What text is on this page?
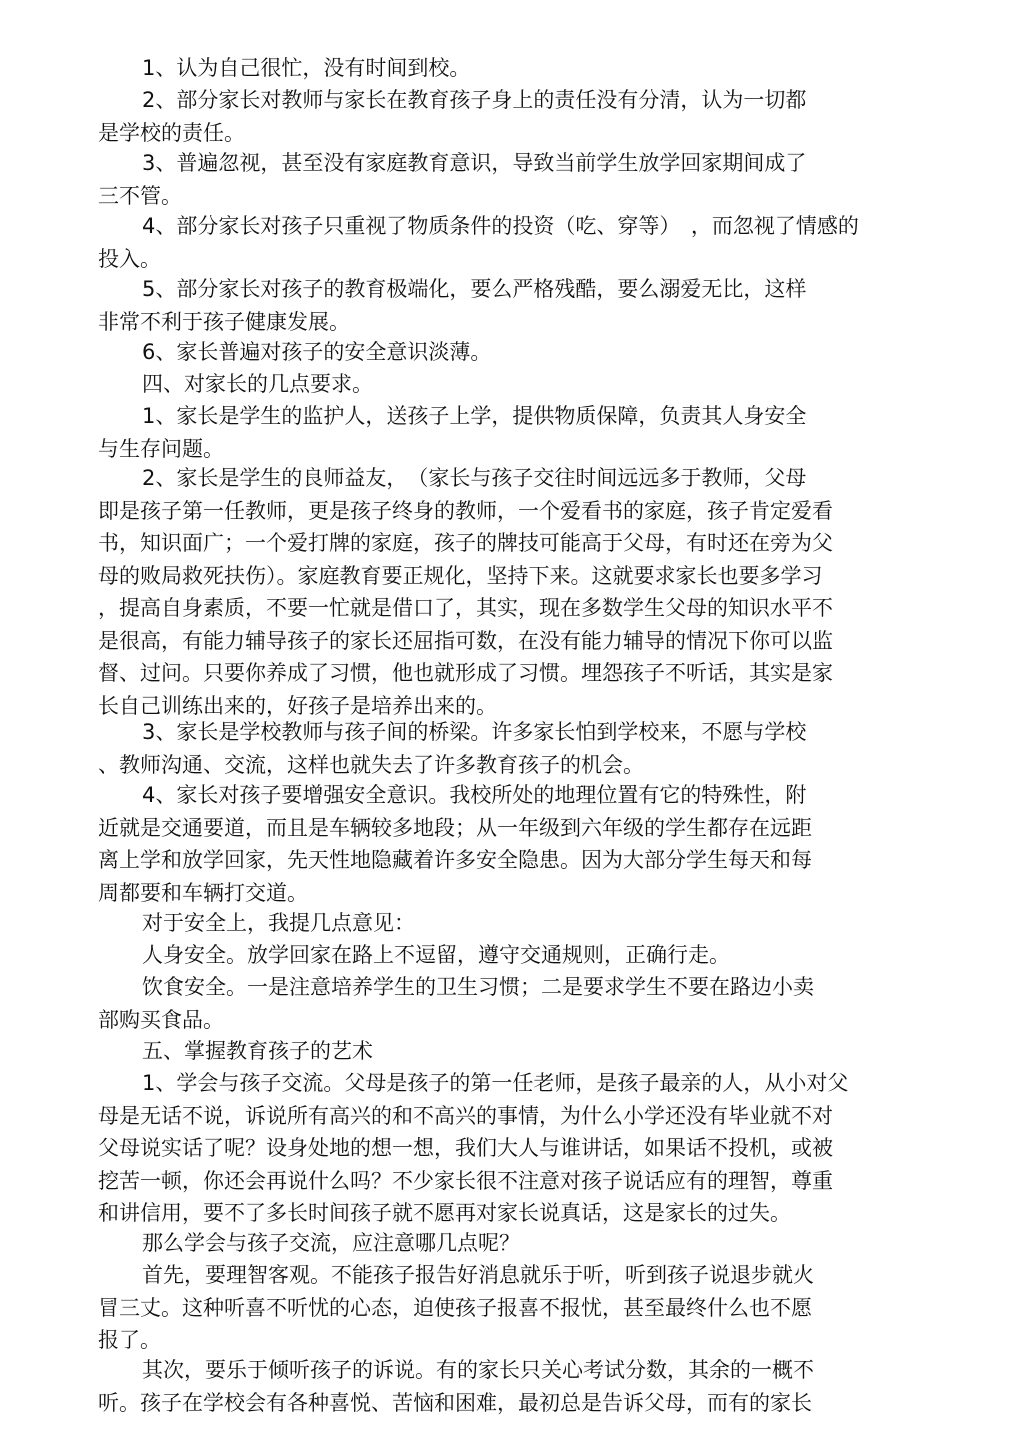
1、认为自己很忙，没有时间到校。
2、部分家长对教师与家长在教育孩子身上的责任没有分清，认为一切都
是学校的责任。
3、普遍忽视，甚至没有家庭教育意识，导致当前学生放学回家期间成了
三不管。
4、部分家长对孩子只重视了物质条件的投资（吃、穿等）　，而忽视了情感的
投入。
5、部分家长对孩子的教育极端化，要么严格残酷，要么溺爱无比，这样
非常不利于孩子健康发展。
6、家长普遍对孩子的安全意识淡薄。
四、对家长的几点要求。
1、家长是学生的监护人，送孩子上学，提供物质保障，负责其人身安全
与生存问题。
2、家长是学生的良师益友，　（家长与孩子交往时间远远多于教师，父母
即是孩子第一任教师，更是孩子终身的教师，一个爱看书的家庭，孩子肯定爱看
书，知识面广；一个爱打牌的家庭，孩子的牌技可能高于父母，有时还在旁为父
母的败局救死扶伤）。家庭教育要正规化，坚持下来。这就要求家长也要多学习
，提高自身素质，不要一忙就是借口了，其实，现在多数学生父母的知识水平不
是很高，有能力辅导孩子的家长还屈指可数，在没有能力辅导的情况下你可以监
督、过问。只要你养成了习惯，他也就形成了习惯。埋怨孩子不听话，其实是家
长自己训练出来的，好孩子是培养出来的。
3、家长是学校教师与孩子间的桥梁。许多家长怕到学校来，不愿与学校
、教师沟通、交流，这样也就失去了许多教育孩子的机会。
4、家长对孩子要增强安全意识。我校所处的地理位置有它的特殊性，附
近就是交通要道，而且是车辆较多地段；从一年级到六年级的学生都存在远距
离上学和放学回家，先天性地隐藏着许多安全隐患。因为大部分学生每天和每
周都要和车辆打交道。
对于安全上，我提几点意见：
人身安全。放学回家在路上不逗留，遵守交通规则，正确行走。
饮食安全。一是注意培养学生的卫生习惯；二是要求学生不要在路边小卖
部购买食品。
五、掌握教育孩子的艺术
1、学会与孩子交流。父母是孩子的第一任老师，是孩子最亲的人，从小对父
母是无话不说，诉说所有高兴的和不高兴的事情，为什么小学还没有毕业就不对
父母说实话了呢？设身处地的想一想，我们大人与谁讲话，如果话不投机，或被
挖苦一顿，你还会再说什么吗？不少家长很不注意对孩子说话应有的理智，尊重
和讲信用，要不了多长时间孩子就不愿再对家长说真话，这是家长的过失。
那么学会与孩子交流，应注意哪几点呢？
首先，要理智客观。不能孩子报告好消息就乐于听，听到孩子说退步就火
冒三丈。这种听喜不听忧的心态，迫使孩子报喜不报忧，甚至最终什么也不愿
报了。
其次，要乐于倾听孩子的诉说。有的家长只关心考试分数，其余的一概不
听。孩子在学校会有各种喜悦、苦恼和困难，最初总是告诉父母，而有的家长
